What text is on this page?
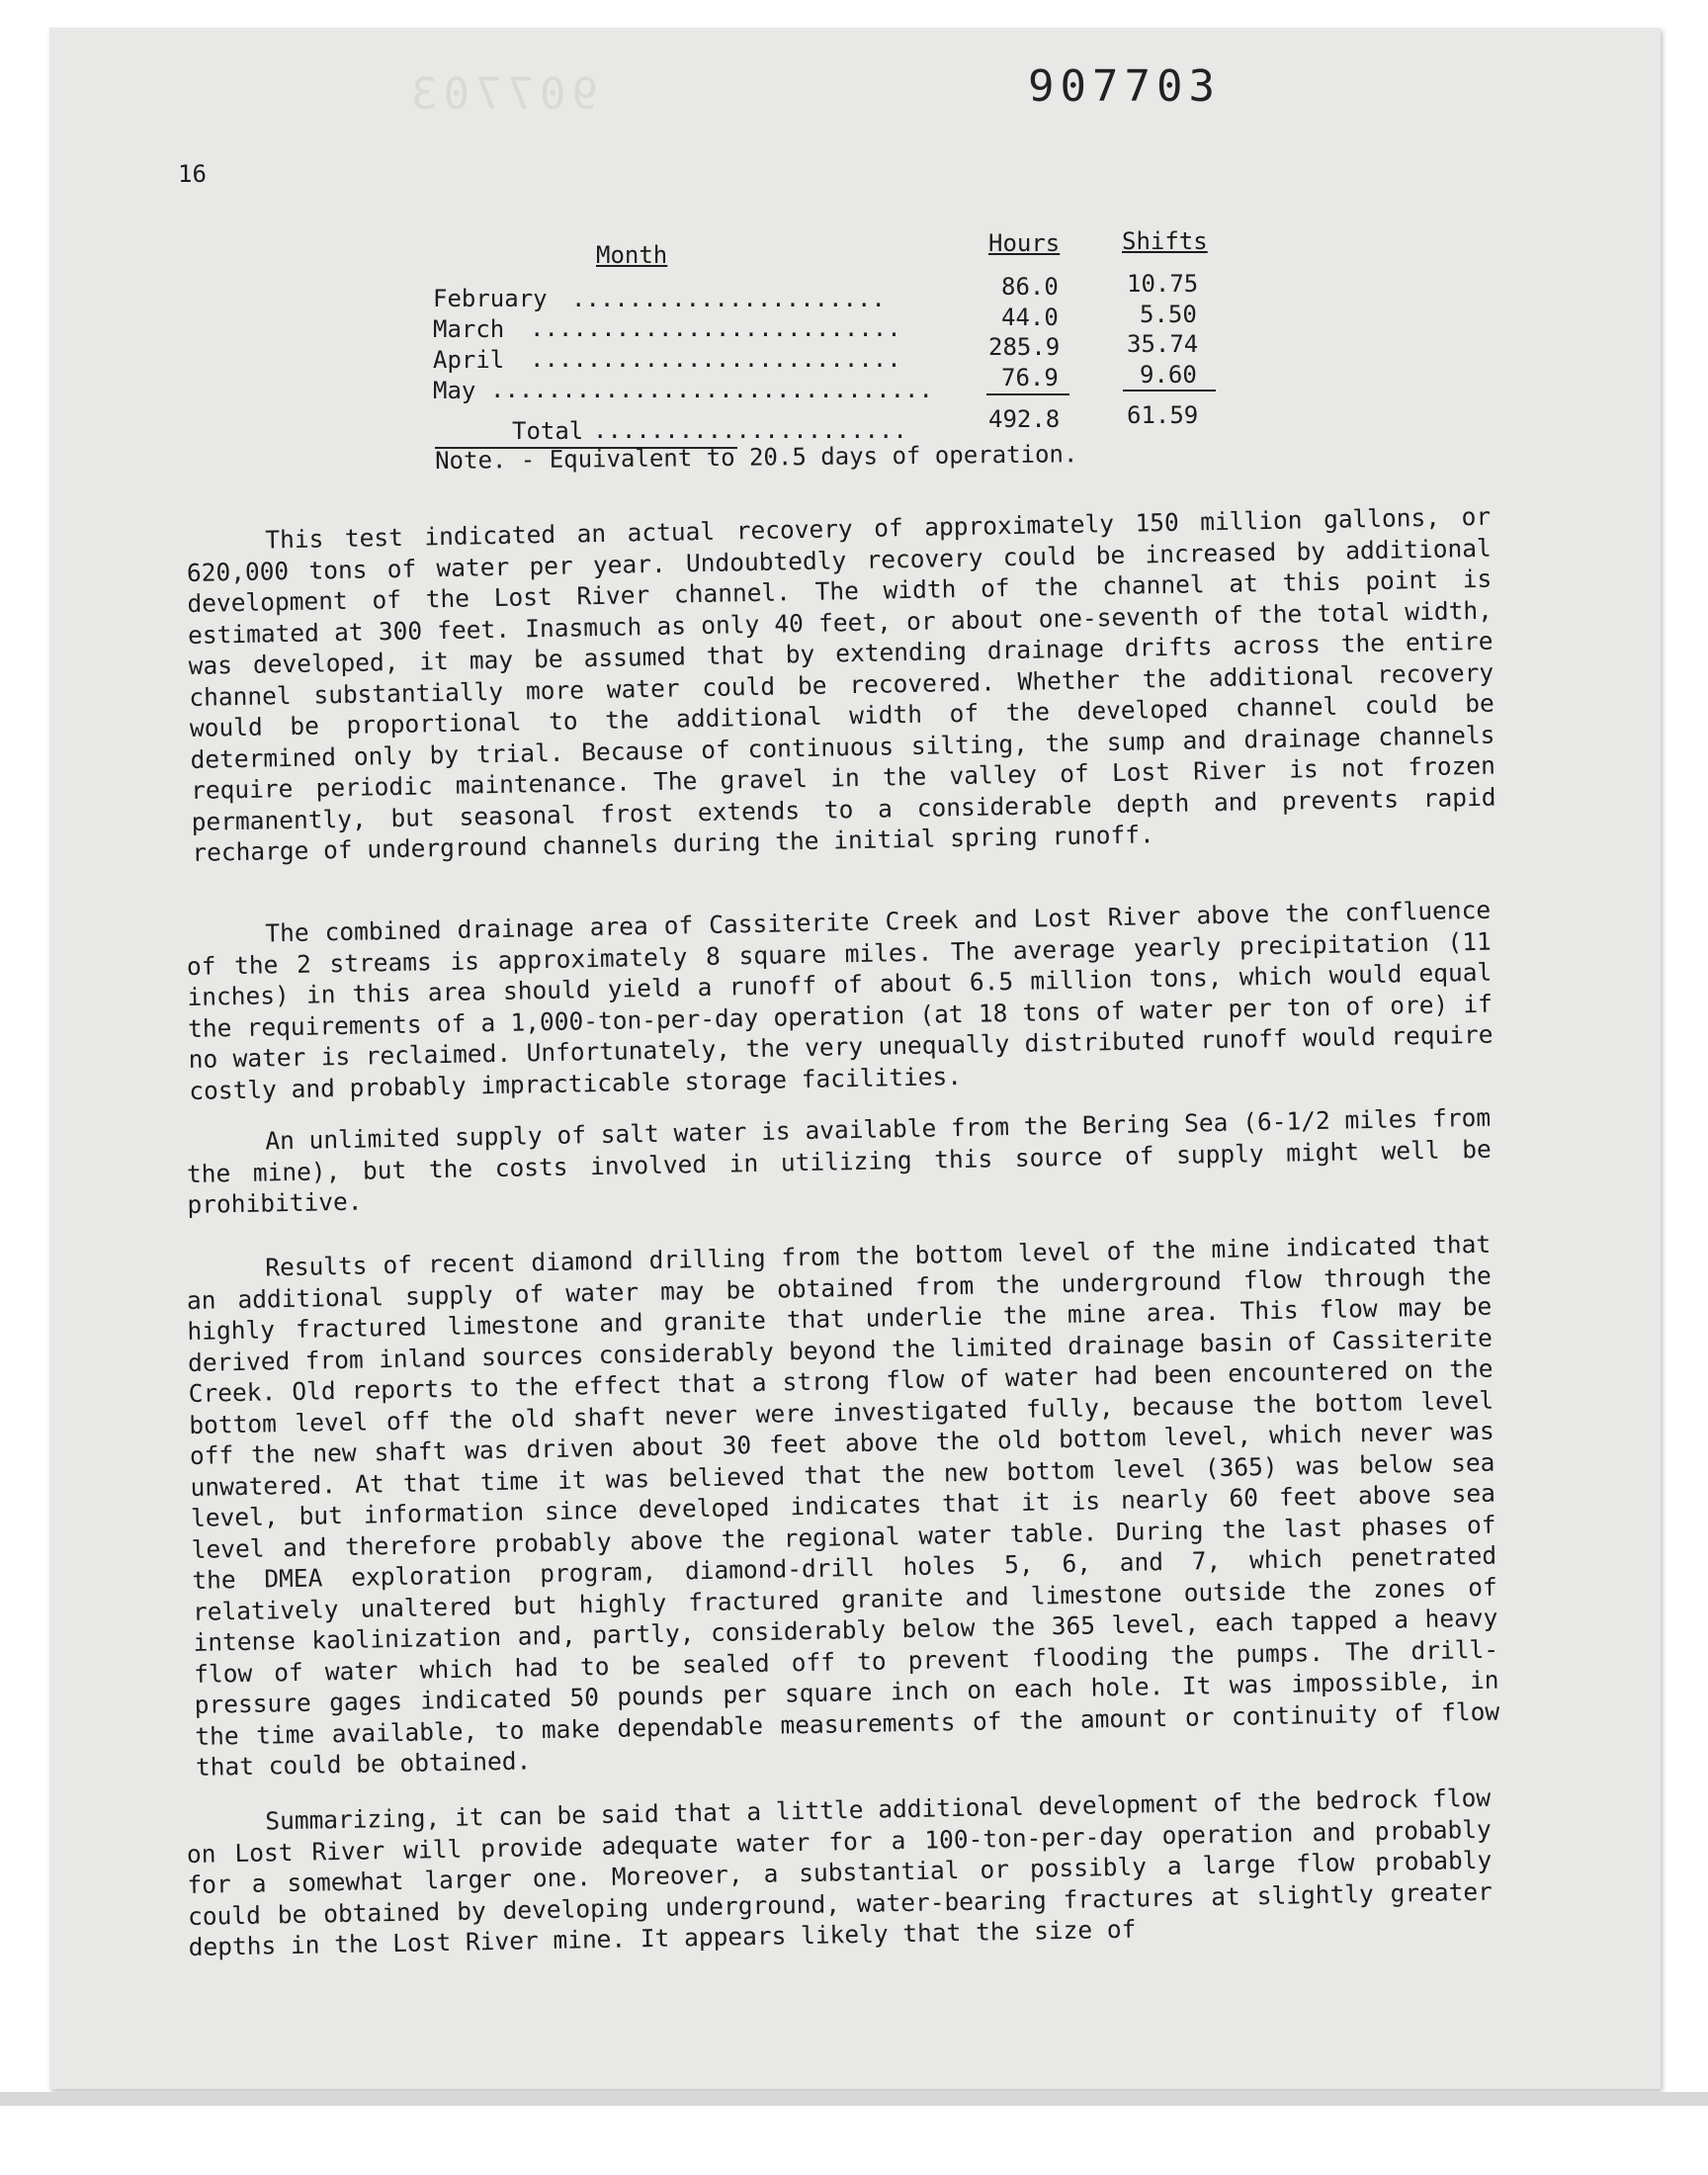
907703	907703
16
Month	Hours	Shifts
February ......................	86.0	10.75
March ..........................	44.0	5.50
April ..........................	285.9	35.74
May ...............................	76.9	9.60
Total ......................	492.8	61.59
Note. - Equivalent to 20.5 days of operation.
This test indicated an actual recovery of approximately 150 million gallons, or 620,000 tons of water per year. Undoubtedly recovery could be increased by additional development of the Lost River channel. The width of the channel at this point is estimated at 300 feet. Inasmuch as only 40 feet, or about one-seventh of the total width, was developed, it may be assumed that by extending drainage drifts across the entire channel substantially more water could be recovered. Whether the additional recovery would be proportional to the additional width of the developed channel could be determined only by trial. Because of continuous silting, the sump and drainage channels require periodic maintenance. The gravel in the valley of Lost River is not frozen permanently, but seasonal frost extends to a considerable depth and prevents rapid recharge of underground channels during the initial spring runoff.
The combined drainage area of Cassiterite Creek and Lost River above the confluence of the 2 streams is approximately 8 square miles. The average yearly precipitation (11 inches) in this area should yield a runoff of about 6.5 million tons, which would equal the requirements of a 1,000-ton-per-day operation (at 18 tons of water per ton of ore) if no water is reclaimed. Unfortunately, the very unequally distributed runoff would require costly and probably impracticable storage facilities.
An unlimited supply of salt water is available from the Bering Sea (6-1/2 miles from the mine), but the costs involved in utilizing this source of supply might well be prohibitive.
Results of recent diamond drilling from the bottom level of the mine indicated that an additional supply of water may be obtained from the underground flow through the highly fractured limestone and granite that underlie the mine area. This flow may be derived from inland sources considerably beyond the limited drainage basin of Cassiterite Creek. Old reports to the effect that a strong flow of water had been encountered on the bottom level off the old shaft never were investigated fully, because the bottom level off the new shaft was driven about 30 feet above the old bottom level, which never was unwatered. At that time it was believed that the new bottom level (365) was below sea level, but information since developed indicates that it is nearly 60 feet above sea level and therefore probably above the regional water table. During the last phases of the DMEA exploration program, diamond-drill holes 5, 6, and 7, which penetrated relatively unaltered but highly fractured granite and limestone outside the zones of intense kaolinization and, partly, considerably below the 365 level, each tapped a heavy flow of water which had to be sealed off to prevent flooding the pumps. The drill-pressure gages indicated 50 pounds per square inch on each hole. It was impossible, in the time available, to make dependable measurements of the amount or continuity of flow that could be obtained.
Summarizing, it can be said that a little additional development of the bedrock flow on Lost River will provide adequate water for a 100-ton-per-day operation and probably for a somewhat larger one. Moreover, a substantial or possibly a large flow probably could be obtained by developing underground, water-bearing fractures at slightly greater depths in the Lost River mine. It appears likely that the size of
